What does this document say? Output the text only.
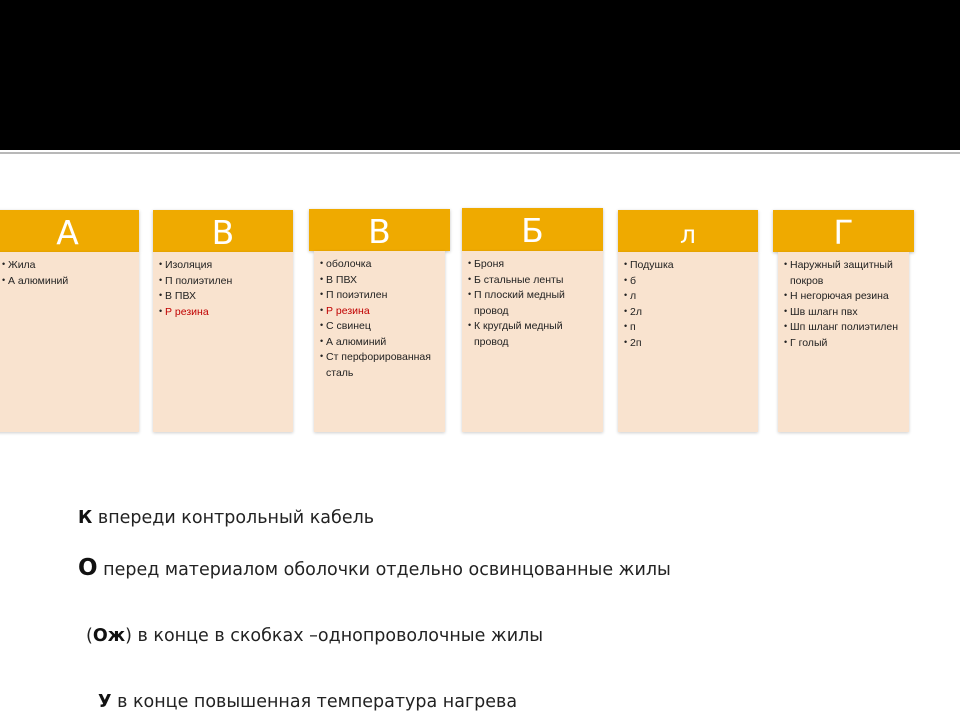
А
• Жила
• А алюминий
В
• Изоляция
• П полиэтилен
• В ПВХ
• Р резина
В
• оболочка
• В ПВХ
• П поиэтилен
• Р резина
• С свинец
• А алюминий
• Ст перфорированная сталь
Б
• Броня
• Б стальные ленты
• П плоский медный провод
• К кругдый медный провод
л
• Подушка
• б
• л
• 2л
• п
• 2п
Г
• Наружный защитный покров
• Н негорючая резина
• Шв шлагн пвх
• Шп шланг полиэтилен
• Г голый
К впереди контрольный кабель
О перед материалом оболочки отдельно освинцованные жилы
(Ож) в конце в скобках –однопроволочные жилы
У в конце повышенная температура нагрева
